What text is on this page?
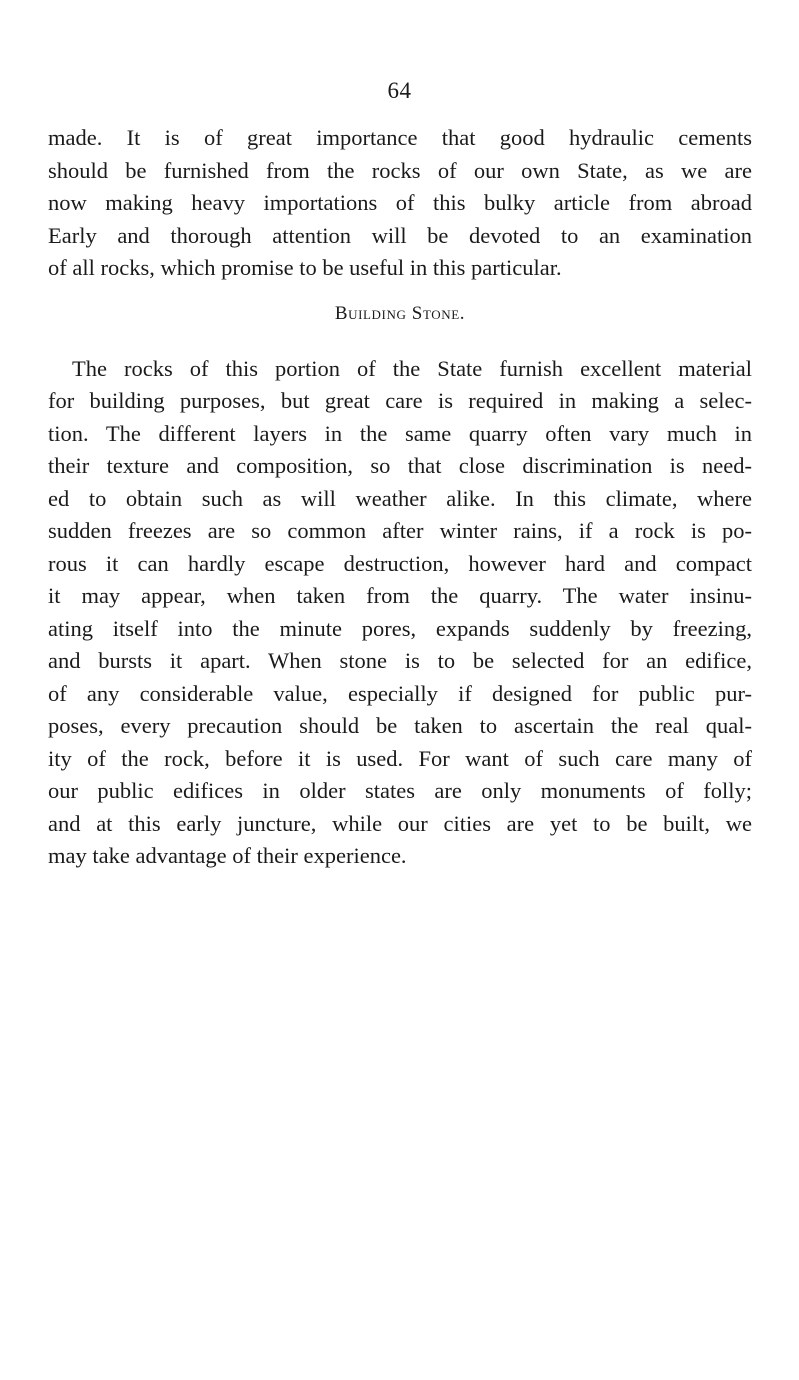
64
made. It is of great importance that good hydraulic cements
should be furnished from the rocks of our own State, as we are
now making heavy importations of this bulky article from abroad
Early and thorough attention will be devoted to an examination
of all rocks, which promise to be useful in this particular.
Building Stone.
The rocks of this portion of the State furnish excellent material
for building purposes, but great care is required in making a selec-
tion. The different layers in the same quarry often vary much in
their texture and composition, so that close discrimination is need-
ed to obtain such as will weather alike. In this climate, where
sudden freezes are so common after winter rains, if a rock is po-
rous it can hardly escape destruction, however hard and compact
it may appear, when taken from the quarry. The water insinu-
ating itself into the minute pores, expands suddenly by freezing,
and bursts it apart. When stone is to be selected for an edifice,
of any considerable value, especially if designed for public pur-
poses, every precaution should be taken to ascertain the real qual-
ity of the rock, before it is used. For want of such care many of
our public edifices in older states are only monuments of folly;
and at this early juncture, while our cities are yet to be built, we
may take advantage of their experience.
